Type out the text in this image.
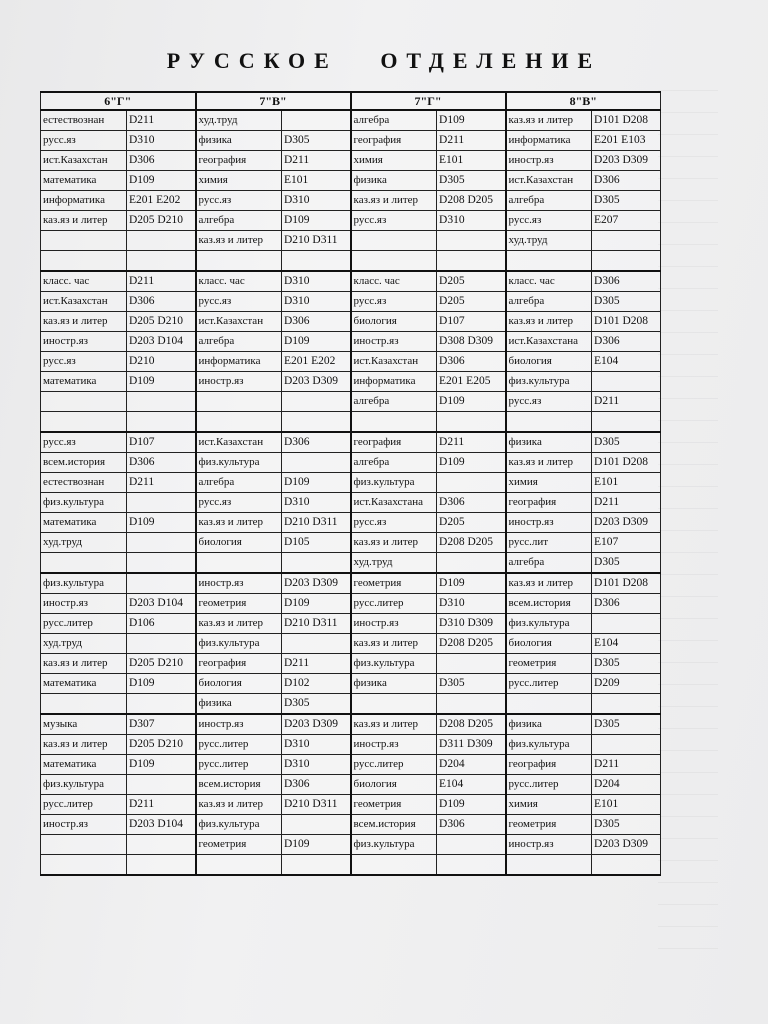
РУССКОЕ ОТДЕЛЕНИЕ
6"Г"		7"В"		7"Г"		8"В"	
естествознан	D211	худ.труд		алгебра	D109	каз.яз и литер	D101 D208
русс.яз	D310	физика	D305	география	D211	информатика	E201 E103
ист.Казахстан	D306	география	D211	химия	E101	иностр.яз	D203 D309
математика	D109	химия	E101	физика	D305	ист.Казахстан	D306
информатика	E201 E202	русс.яз	D310	каз.яз и литер	D208 D205	алгебра	D305
каз.яз и литер	D205 D210	алгебра	D109	русс.яз	D310	русс.яз	E207
		каз.яз и литер	D210 D311			худ.труд	

класс. час	D211	класс. час	D310	класс. час	D205	класс. час	D306
ист.Казахстан	D306	русс.яз	D310	русс.яз	D205	алгебра	D305
каз.яз и литер	D205 D210	ист.Казахстан	D306	биология	D107	каз.яз и литер	D101 D208
иностр.яз	D203 D104	алгебра	D109	иностр.яз	D308 D309	ист.Казахстана	D306
русс.яз	D210	информатика	E201 E202	ист.Казахстан	D306	биология	E104
математика	D109	иностр.яз	D203 D309	информатика	E201 E205	физ.культура	
				алгебра	D109	русс.яз	D211

русс.яз	D107	ист.Казахстан	D306	география	D211	физика	D305
всем.история	D306	физ.культура		алгебра	D109	каз.яз и литер	D101 D208
естествознан	D211	алгебра	D109	физ.культура		химия	E101
физ.культура		русс.яз	D310	ист.Казахстана	D306	география	D211
математика	D109	каз.яз и литер	D210 D311	русс.яз	D205	иностр.яз	D203 D309
худ.труд		биология	D105	каз.яз и литер	D208 D205	русс.лит	E107
				худ.труд		алгебра	D305
физ.культура		иностр.яз	D203 D309	геометрия	D109	каз.яз и литер	D101 D208
иностр.яз	D203 D104	геометрия	D109	русс.литер	D310	всем.история	D306
русс.литер	D106	каз.яз и литер	D210 D311	иностр.яз	D310 D309	физ.культура	
худ.труд		физ.культура		каз.яз и литер	D208 D205	биология	E104
каз.яз и литер	D205 D210	география	D211	физ.культура		геометрия	D305
математика	D109	биология	D102	физика	D305	русс.литер	D209
		физика	D305				
музыка	D307	иностр.яз	D203 D309	каз.яз и литер	D208 D205	физика	D305
каз.яз и литер	D205 D210	русс.литер	D310	иностр.яз	D311 D309	физ.культура	
математика	D109	русс.литер	D310	русс.литер	D204	география	D211
физ.культура		всем.история	D306	биология	E104	русс.литер	D204
русс.литер	D211	каз.яз и литер	D210 D311	геометрия	D109	химия	E101
иностр.яз	D203 D104	физ.культура		всем.история	D306	геометрия	D305
		геометрия	D109	физ.культура		иностр.яз	D203 D309
